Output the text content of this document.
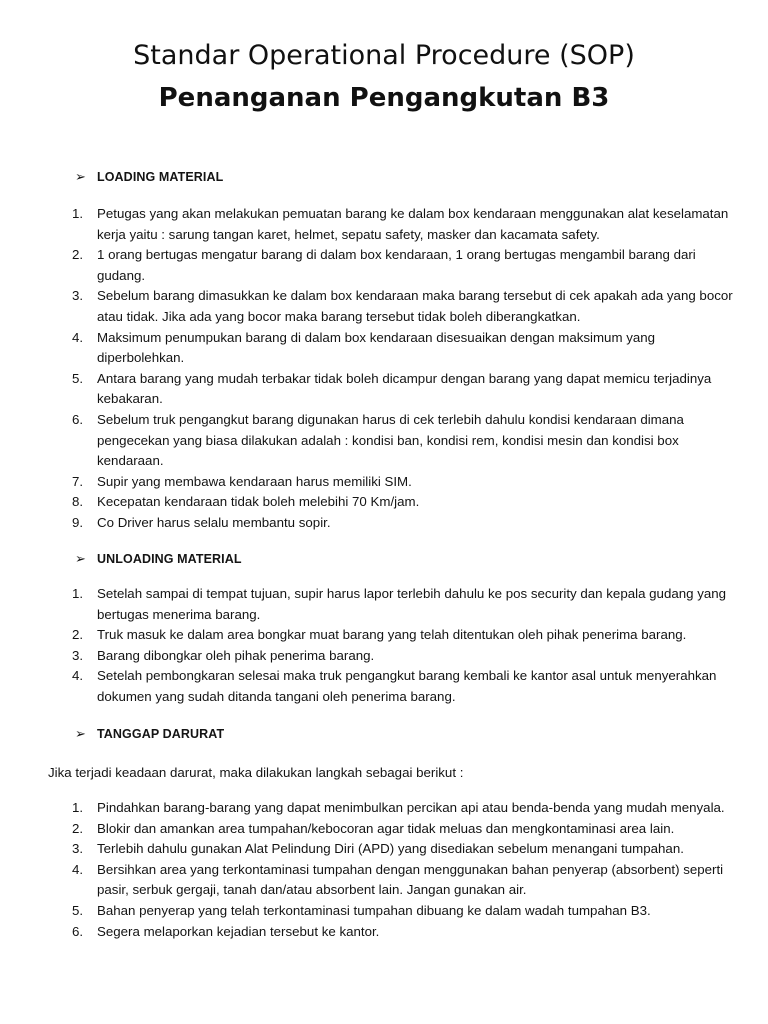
Standar Operational Procedure (SOP)
Penanganan Pengangkutan B3
➢ LOADING MATERIAL
1. Petugas yang akan melakukan pemuatan barang ke dalam box kendaraan menggunakan alat keselamatan kerja yaitu : sarung tangan karet, helmet, sepatu safety, masker dan kacamata safety.
2. 1 orang bertugas mengatur barang di dalam box kendaraan, 1 orang bertugas mengambil barang dari gudang.
3. Sebelum barang dimasukkan ke dalam box kendaraan maka barang tersebut di cek apakah ada yang bocor atau tidak. Jika ada yang bocor maka barang tersebut tidak boleh diberangkatkan.
4. Maksimum penumpukan barang di dalam box kendaraan disesuaikan dengan maksimum yang diperbolehkan.
5. Antara barang yang mudah terbakar tidak boleh dicampur dengan barang yang dapat memicu terjadinya kebakaran.
6. Sebelum truk pengangkut barang digunakan harus di cek terlebih dahulu kondisi kendaraan dimana pengecekan yang biasa dilakukan adalah : kondisi ban, kondisi rem, kondisi mesin dan kondisi box kendaraan.
7. Supir yang membawa kendaraan harus memiliki SIM.
8. Kecepatan kendaraan tidak boleh melebihi 70 Km/jam.
9. Co Driver harus selalu membantu sopir.
➢ UNLOADING MATERIAL
1. Setelah sampai di tempat tujuan, supir harus lapor terlebih dahulu ke pos security dan kepala gudang yang bertugas menerima barang.
2. Truk masuk ke dalam area bongkar muat barang yang telah ditentukan oleh pihak penerima barang.
3. Barang dibongkar oleh pihak penerima barang.
4. Setelah pembongkaran selesai maka truk pengangkut barang kembali ke kantor asal untuk menyerahkan dokumen yang sudah ditanda tangani oleh penerima barang.
➢ TANGGAP DARURAT
Jika terjadi keadaan darurat, maka dilakukan langkah sebagai berikut :
1. Pindahkan barang-barang yang dapat menimbulkan percikan api atau benda-benda yang mudah menyala.
2. Blokir dan amankan area tumpahan/kebocoran agar tidak meluas dan mengkontaminasi area lain.
3. Terlebih dahulu gunakan Alat Pelindung Diri (APD) yang disediakan sebelum menangani tumpahan.
4. Bersihkan area yang terkontaminasi tumpahan dengan menggunakan bahan penyerap (absorbent) seperti pasir, serbuk gergaji, tanah dan/atau absorbent lain. Jangan gunakan air.
5. Bahan penyerap yang telah terkontaminasi tumpahan dibuang ke dalam wadah tumpahan B3.
6. Segera melaporkan kejadian tersebut ke kantor.
